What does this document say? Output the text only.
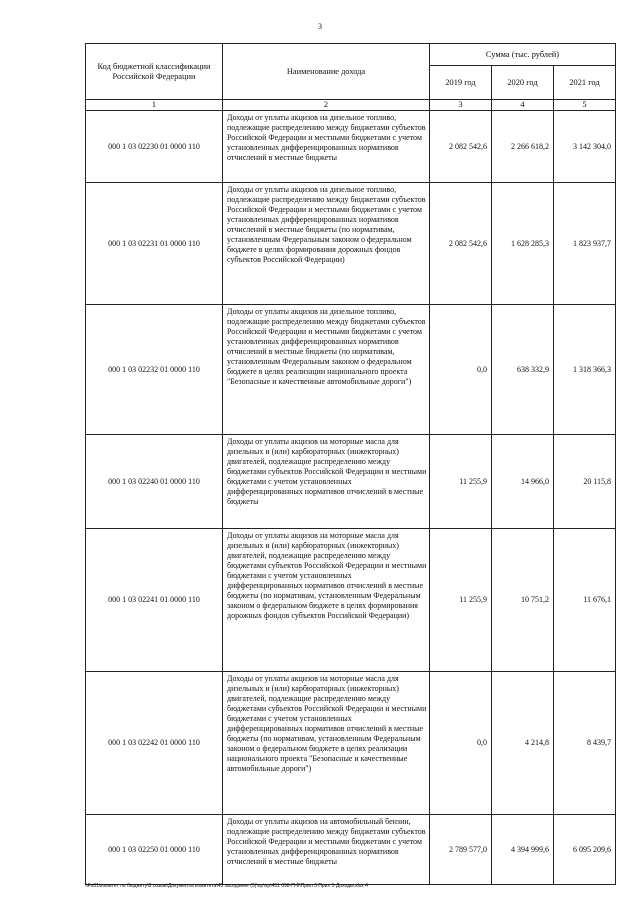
3
Код бюджетной классификации Российской Федерации	Наименование дохода	Сумма (тыс. рублей)		
		2019 год	2020 год	2021 год
1	2	3	4	5
000 1 03 02230 01 0000 110	Доходы от уплаты акцизов на дизельное топливо, подлежащие распределению между бюджетами субъектов Российской Федерации и местными бюджетами с учетом установленных дифференцированных нормативов отчислений в местные бюджеты	2 082 542,6	2 266 618,2	3 142 304,0
000 1 03 02231 01 0000 110	Доходы от уплаты акцизов на дизельное топливо, подлежащие распределению между бюджетами субъектов Российской Федерации и местными бюджетами с учетом установленных дифференцированных нормативов отчислений в местные бюджеты (по нормативам, установленным Федеральным законом о федеральном бюджете в целях формирования дорожных фондов субъектов Российской Федерации)	2 082 542,6	1 628 285,3	1 823 937,7
000 1 03 02232 01 0000 110	Доходы от уплаты акцизов на дизельное топливо, подлежащие распределению между бюджетами субъектов Российской Федерации и местными бюджетами с учетом установленных дифференцированных нормативов отчислений в местные бюджеты (по нормативам, установленным Федеральным законом о федеральном бюджете в целях реализации национального проекта "Безопасные и качественные автомобильные дороги")	0,0	638 332,9	1 318 366,3
000 1 03 02240 01 0000 110	Доходы от уплаты акцизов на моторные масла для дизельных и (или) карбюраторных (инжекторных) двигателей, подлежащие распределению между бюджетами субъектов Российской Федерации и местными бюджетами с учетом установленных дифференцированных нормативов отчислений в местные бюджеты	11 255,9	14 966,0	20 115,8
000 1 03 02241 01 0000 110	Доходы от уплаты акцизов на моторные масла для дизельных и (или) карбюраторных (инжекторных) двигателей, подлежащие распределению между бюджетами субъектов Российской Федерации и местными бюджетами с учетом установленных дифференцированных нормативов отчислений в местные бюджеты (по нормативам, установленным Федеральным законом о федеральном бюджете в целях формирования дорожных фондов субъектов Российской Федерации)	11 255,9	10 751,2	11 676,1
000 1 03 02242 01 0000 110	Доходы от уплаты акцизов на моторные масла для дизельных и (или) карбюраторных (инжекторных) двигателей, подлежащие распределению между бюджетами субъектов Российской Федерации и местными бюджетами с учетом установленных дифференцированных нормативов отчислений в местные бюджеты (по нормативам, установленным Федеральным законом о федеральном бюджете в целях реализации национального проекта "Безопасные и качественные автомобильные дороги")	0,0	4 214,8	8 439,7
000 1 03 02250 01 0000 110	Доходы от уплаты акцизов на автомобильный бензин, подлежащие распределению между бюджетами субъектов Российской Федерации и местными бюджетами с учетом установленных дифференцированных нормативов отчислений в местные бюджеты	2 789 577,0	4 394 999,6	6 095 209,6
\\Fs01\комитет по бюджету\8 созыв\Документы комитета\45 заседание (5)\пр\пр\451 698-П-8\Прил 3 Прил 5 Доходы.xlsx 4
